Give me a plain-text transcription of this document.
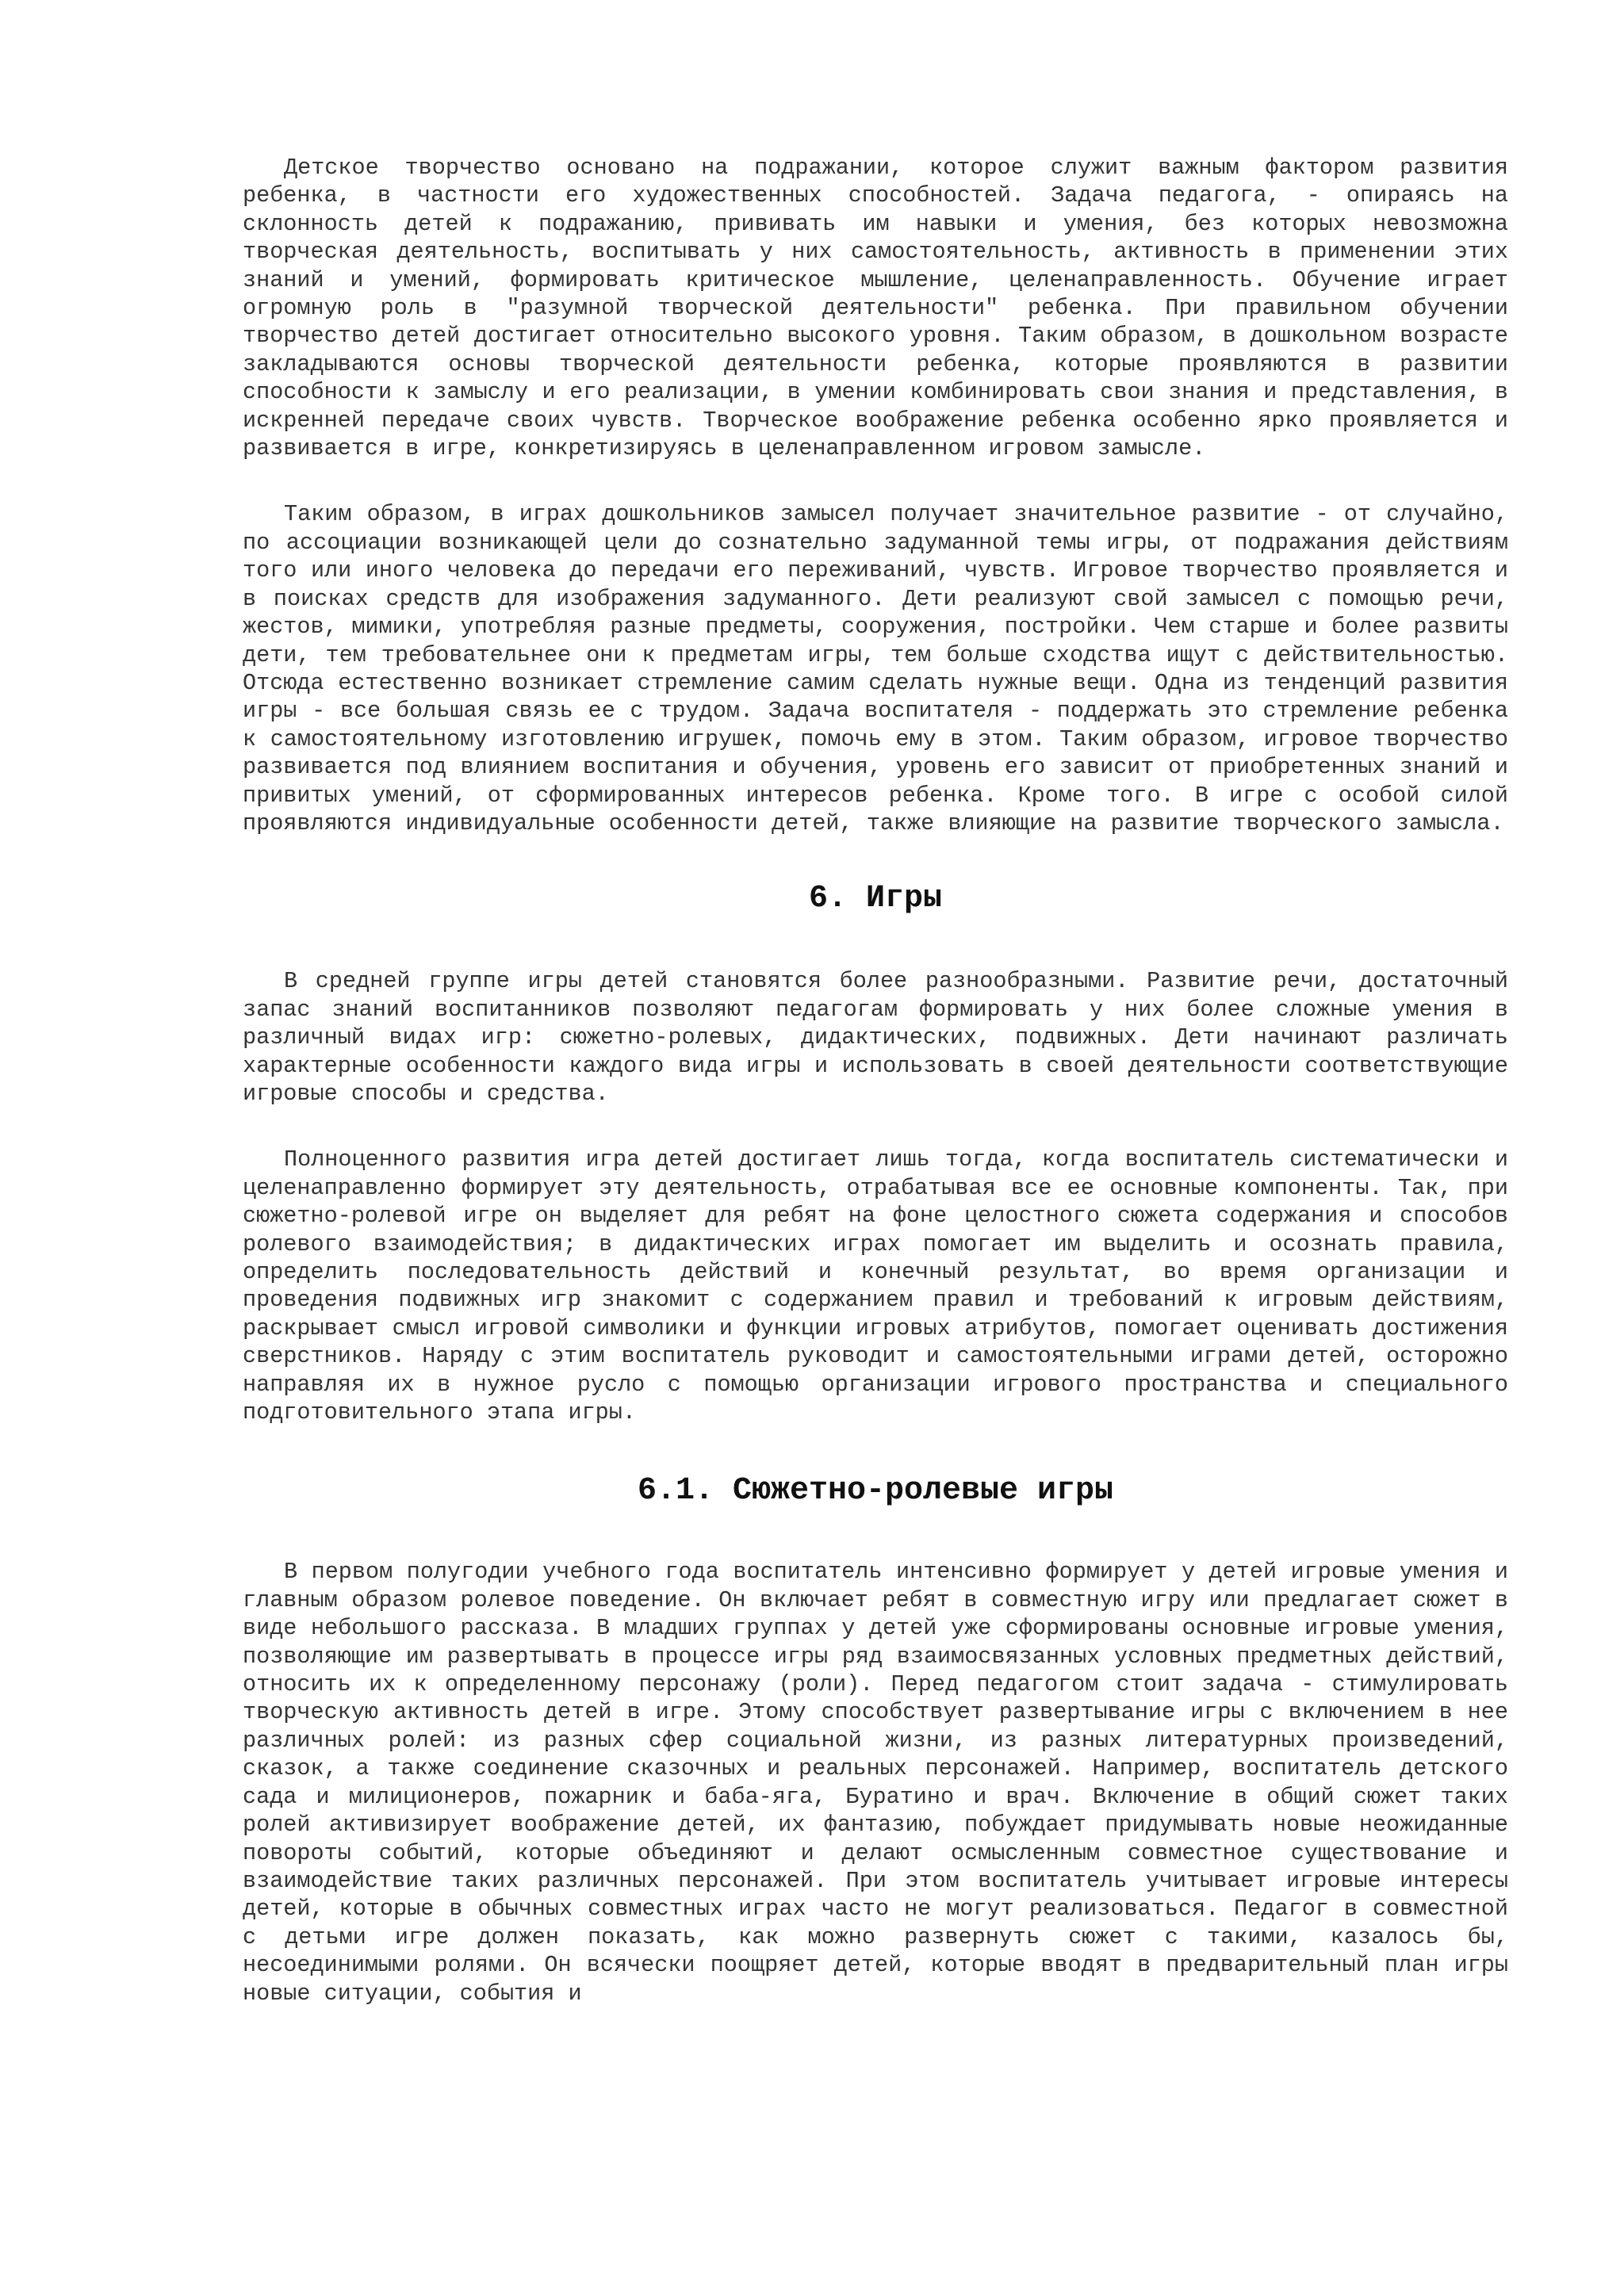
Детское творчество основано на подражании, которое служит важным фактором развития ребенка, в частности его художественных способностей. Задача педагога, - опираясь на склонность детей к подражанию, прививать им навыки и умения, без которых невозможна творческая деятельность, воспитывать у них самостоятельность, активность в применении этих знаний и умений, формировать критическое мышление, целенаправленность. Обучение играет огромную роль в "разумной творческой деятельности" ребенка. При правильном обучении творчество детей достигает относительно высокого уровня. Таким образом, в дошкольном возрасте закладываются основы творческой деятельности ребенка, которые проявляются в развитии способности к замыслу и его реализации, в умении комбинировать свои знания и представления, в искренней передаче своих чувств. Творческое воображение ребенка особенно ярко проявляется и развивается в игре, конкретизируясь в целенаправленном игровом замысле.

Таким образом, в играх дошкольников замысел получает значительное развитие - от случайно, по ассоциации возникающей цели до сознательно задуманной темы игры, от подражания действиям того или иного человека до передачи его переживаний, чувств. Игровое творчество проявляется и в поисках средств для изображения задуманного. Дети реализуют свой замысел с помощью речи, жестов, мимики, употребляя разные предметы, сооружения, постройки. Чем старше и более развиты дети, тем требовательнее они к предметам игры, тем больше сходства ищут с действительностью. Отсюда естественно возникает стремление самим сделать нужные вещи. Одна из тенденций развития игры - все большая связь ее с трудом. Задача воспитателя - поддержать это стремление ребенка к самостоятельному изготовлению игрушек, помочь ему в этом. Таким образом, игровое творчество развивается под влиянием воспитания и обучения, уровень его зависит от приобретенных знаний и привитых умений, от сформированных интересов ребенка. Кроме того. В игре с особой силой проявляются индивидуальные особенности детей, также влияющие на развитие творческого замысла.

6. Игры

В средней группе игры детей становятся более разнообразными. Развитие речи, достаточный запас знаний воспитанников позволяют педагогам формировать у них более сложные умения в различный видах игр: сюжетно-ролевых, дидактических, подвижных. Дети начинают различать характерные особенности каждого вида игры и использовать в своей деятельности соответствующие игровые способы и средства.

Полноценного развития игра детей достигает лишь тогда, когда воспитатель систематически и целенаправленно формирует эту деятельность, отрабатывая все ее основные компоненты. Так, при сюжетно-ролевой игре он выделяет для ребят на фоне целостного сюжета содержания и способов ролевого взаимодействия; в дидактических играх помогает им выделить и осознать правила, определить последовательность действий и конечный результат, во время организации и проведения подвижных игр знакомит с содержанием правил и требований к игровым действиям, раскрывает смысл игровой символики и функции игровых атрибутов, помогает оценивать достижения сверстников. Наряду с этим воспитатель руководит и самостоятельными играми детей, осторожно направляя их в нужное русло с помощью организации игрового пространства и специального подготовительного этапа игры.

6.1. Сюжетно-ролевые игры

В первом полугодии учебного года воспитатель интенсивно формирует у детей игровые умения и главным образом ролевое поведение. Он включает ребят в совместную игру или предлагает сюжет в виде небольшого рассказа. В младших группах у детей уже сформированы основные игровые умения, позволяющие им развертывать в процессе игры ряд взаимосвязанных условных предметных действий, относить их к определенному персонажу (роли). Перед педагогом стоит задача - стимулировать творческую активность детей в игре. Этому способствует развертывание игры с включением в нее различных ролей: из разных сфер социальной жизни, из разных литературных произведений, сказок, а также соединение сказочных и реальных персонажей. Например, воспитатель детского сада и милиционеров, пожарник и баба-яга, Буратино и врач. Включение в общий сюжет таких ролей активизирует воображение детей, их фантазию, побуждает придумывать новые неожиданные повороты событий, которые объединяют и делают осмысленным совместное существование и взаимодействие таких различных персонажей. При этом воспитатель учитывает игровые интересы детей, которые в обычных совместных играх часто не могут реализоваться. Педагог в совместной с детьми игре должен показать, как можно развернуть сюжет с такими, казалось бы, несоединимыми ролями. Он всячески поощряет детей, которые вводят в предварительный план игры новые ситуации, события и
